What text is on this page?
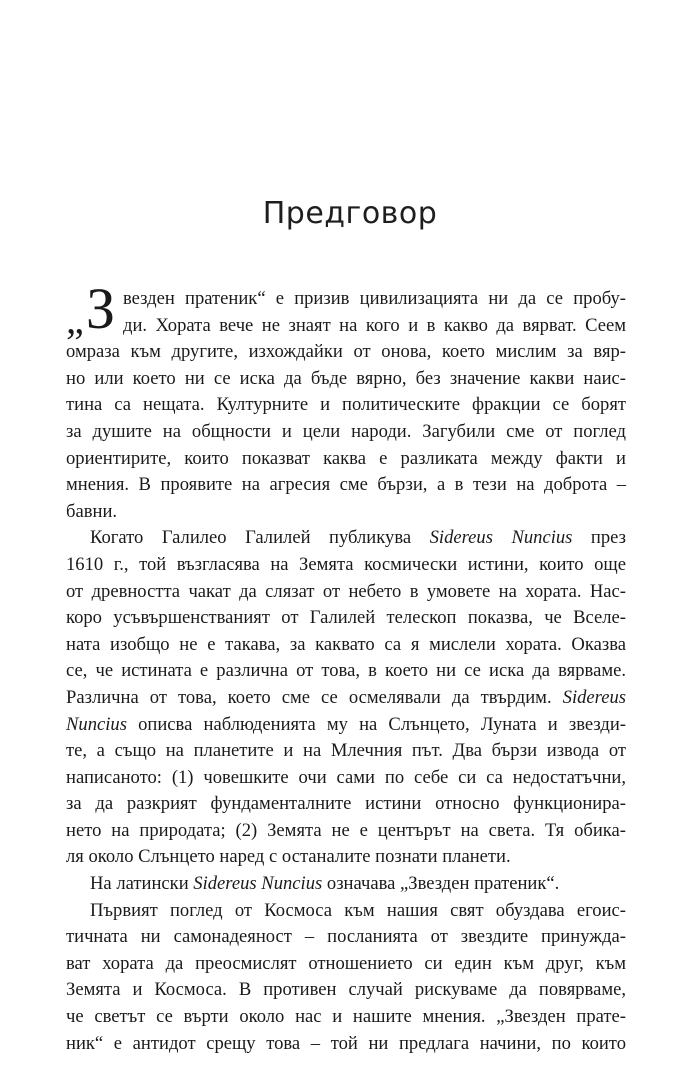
Предговор
„ З везден пратеник“ е призив цивилизацията ни да се пробу-
ди. Хората вече не знаят на кого и в какво да вярват. Сеем
омраза към другите, изхождайки от онова, което мислим за вяр-
но или което ни се иска да бъде вярно, без значение какви наис-
тина са нещата. Културните и политическите фракции се борят
за душите на общности и цели народи. Загубили сме от поглед
ориентирите, които показват каква е разликата между факти и
мнения. В проявите на агресия сме бързи, а в тези на доброта –
бавни.
Когато Галилео Галилей публикува Sidereus Nuncius през
1610 г., той възгласява на Земята космически истини, които още
от древността чакат да слязат от небето в умовете на хората. Нас-
коро усъвършенстваният от Галилей телескоп показва, че Вселе-
ната изобщо не е такава, за каквато са я мислели хората. Оказва
се, че истината е различна от това, в което ни се иска да вярваме.
Различна от това, което сме се осмелявали да твърдим. Sidereus
Nuncius описва наблюденията му на Слънцето, Луната и звезди-
те, а също на планетите и на Млечния път. Два бързи извода от
написаното: (1) човешките очи сами по себе си са недостатъчни,
за да разкрият фундаменталните истини относно функционира-
нето на природата; (2) Земята не е центърът на света. Тя обика-
ля около Слънцето наред с останалите познати планети.
На латински Sidereus Nuncius означава „Звезден пратеник“.
Първият поглед от Космоса към нашия свят обуздава егоис-
тичната ни самонадеяност – посланията от звездите принужда-
ват хората да преосмислят отношението си един към друг, към
Земята и Космоса. В противен случай рискуваме да повярваме,
че светът се върти около нас и нашите мнения. „Звезден прате-
ник“ е антидот срещу това – той ни предлага начини, по които
